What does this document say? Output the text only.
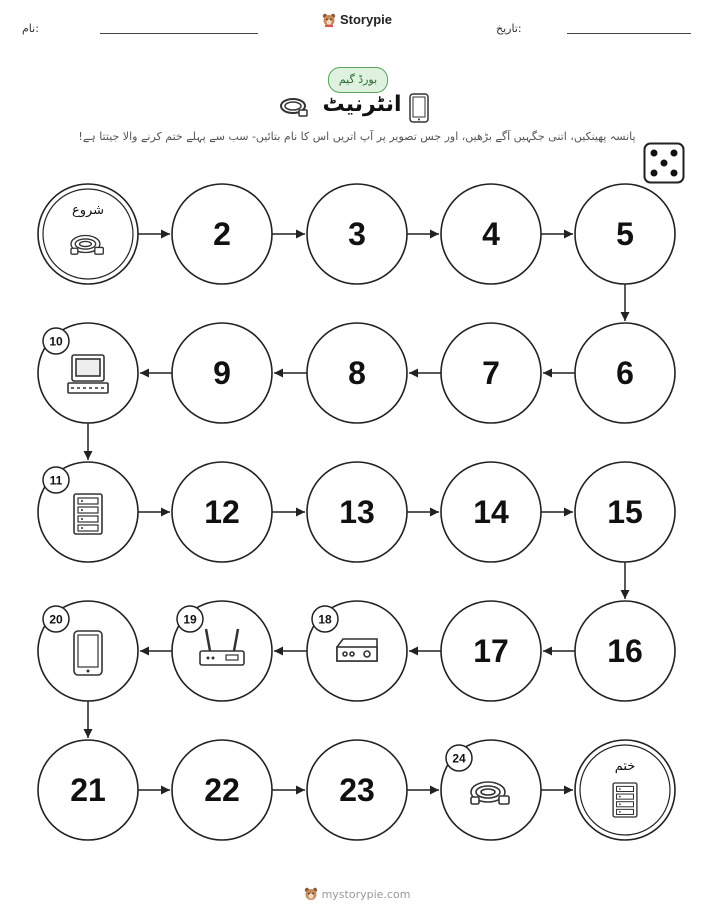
نام:
Storypie
تاریخ:
بورڈ گیم
انٹرنیٹ
پانسہ پھینکیں، اتنی جگہیں آگے بڑھیں، اور جس تصویر پر آپ اتریں اس کا نام بتائیں- سب سے پہلے ختم کرنے والا جیتتا ہے!
شروع
2	3	4	5
6
7
8
9
10
11
12	13	14	15
16
17
18
19
20
21	22	23
24
ختم
mystorypie.com
